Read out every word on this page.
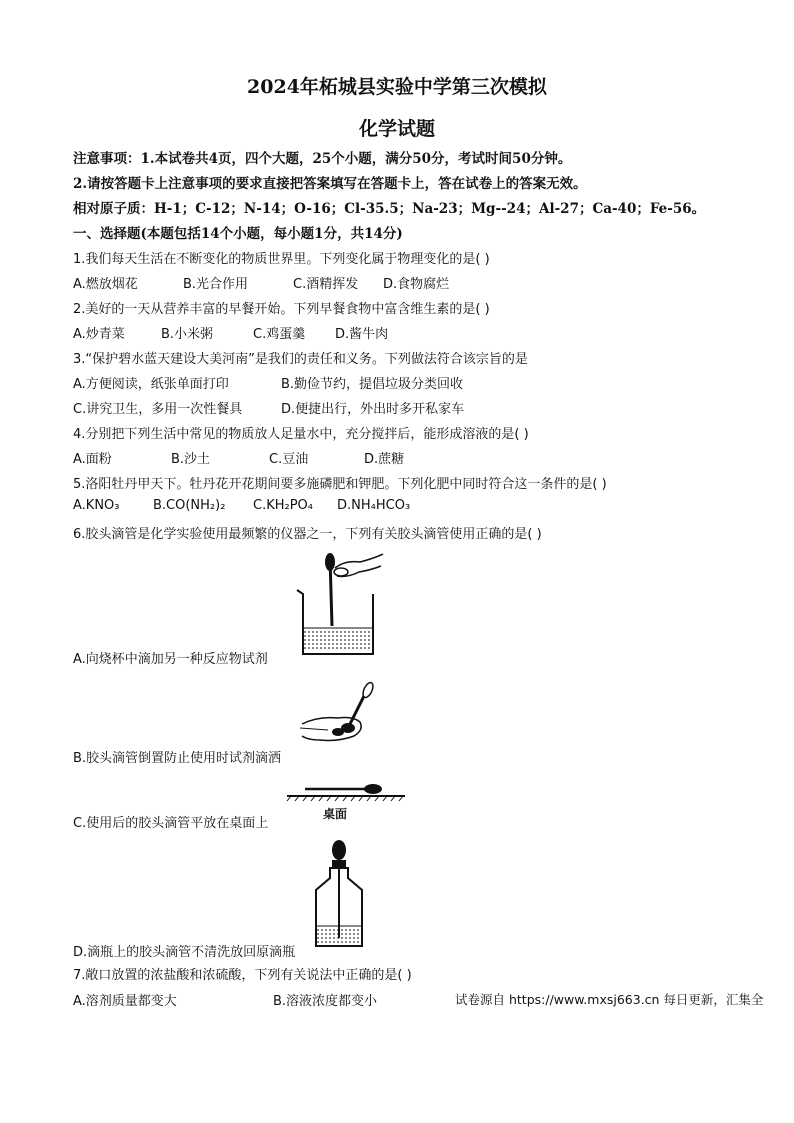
2024年柘城县实验中学第三次模拟
化学试题
注意事项：1.本试卷共4页，四个大题，25个小题，满分50分，考试时间50分钟。
2.请按答题卡上注意事项的要求直接把答案填写在答题卡上，答在试卷上的答案无效。
相对原子质：H-1；C-12；N-14；O-16；Cl-35.5；Na-23；Mg--24；Al-27；Ca-40；Fe-56。
一、选择题(本题包括14个小题，每小题1分，共14分)
1.我们每天生活在不断变化的物质世界里。下列变化属于物理变化的是( )
A.燃放烟花	B.光合作用	C.酒精挥发 D.食物腐烂
2.美好的一天从营养丰富的早餐开始。下列早餐食物中富含维生素的是( )
A.炒青菜	B.小米粥	C.鸡蛋羹 D.酱牛肉
3.“保护碧水蓝天建设大美河南”是我们的责任和义务。下列做法符合该宗旨的是
A.方便阅读，纸张单面打印	B.勤俭节约，提倡垃圾分类回收
C.讲究卫生，多用一次性餐具	D.便捷出行，外出时多开私家车
4.分别把下列生活中常见的物质放人足量水中，充分搅拌后，能形成溶液的是( )
A.面粉	B.沙土	C.豆油	D.蔗糖
5.洛阳牡丹甲天下。牡丹花开花期间要多施磷肥和钾肥。下列化肥中同时符合这一条件的是( )
A.KNO₃	B.CO(NH₂)₂ C.KH₂PO₄ D.NH₄HCO₃
6.胶头滴管是化学实验使用最频繁的仪器之一，下列有关胶头滴管使用正确的是( )
A.向烧杯中滴加另一种反应物试剂
B.胶头滴管倒置防止使用时试剂滴洒
桌面
C.使用后的胶头滴管平放在桌面上
D.滴瓶上的胶头滴管不清洗放回原滴瓶
7.敞口放置的浓盐酸和浓硫酸，下列有关说法中正确的是( )
A.溶剂质量都变大	B.溶液浓度都变小	试卷源自 https://www.mxsj663.cn 每日更新，汇集全
